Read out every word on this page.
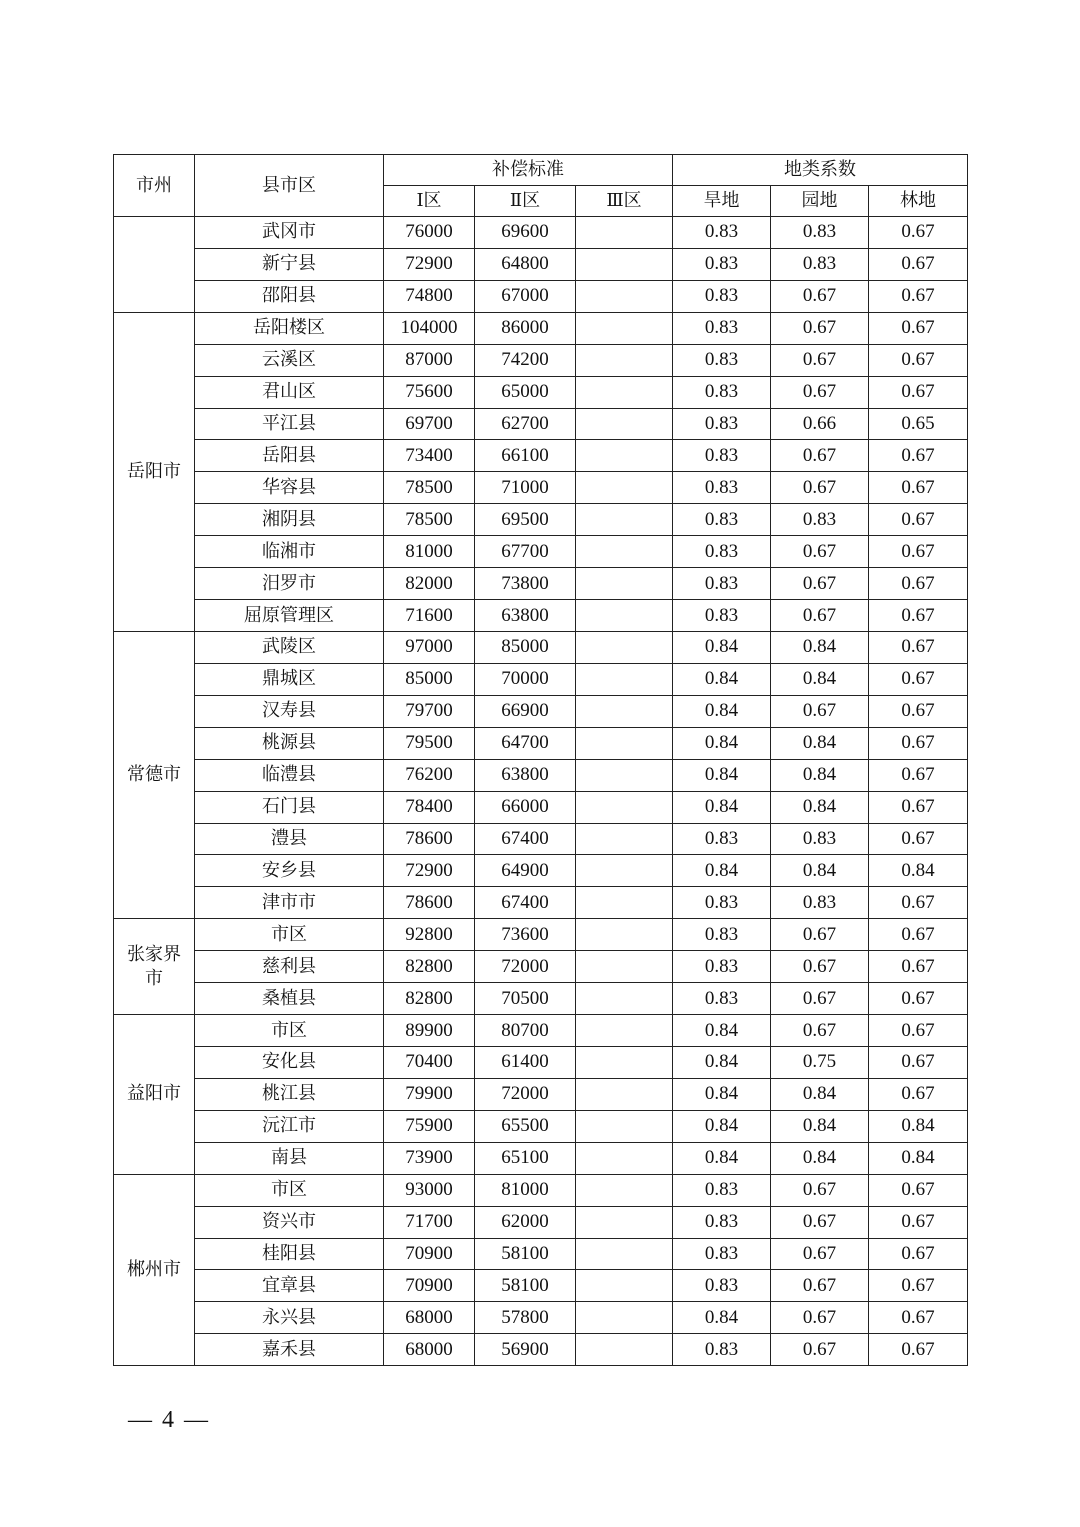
市州	县市区	补偿标准			地类系数		
		Ⅰ区	Ⅱ区	Ⅲ区	旱地	园地	林地
	武冈市	76000	69600		0.83	0.83	0.67
	新宁县	72900	64800		0.83	0.83	0.67
	邵阳县	74800	67000		0.83	0.67	0.67
岳阳市	岳阳楼区	104000	86000		0.83	0.67	0.67
	云溪区	87000	74200		0.83	0.67	0.67
	君山区	75600	65000		0.83	0.67	0.67
	平江县	69700	62700		0.83	0.66	0.65
	岳阳县	73400	66100		0.83	0.67	0.67
	华容县	78500	71000		0.83	0.67	0.67
	湘阴县	78500	69500		0.83	0.83	0.67
	临湘市	81000	67700		0.83	0.67	0.67
	汨罗市	82000	73800		0.83	0.67	0.67
	屈原管理区	71600	63800		0.83	0.67	0.67
常德市	武陵区	97000	85000		0.84	0.84	0.67
	鼎城区	85000	70000		0.84	0.84	0.67
	汉寿县	79700	66900		0.84	0.67	0.67
	桃源县	79500	64700		0.84	0.84	0.67
	临澧县	76200	63800		0.84	0.84	0.67
	石门县	78400	66000		0.84	0.84	0.67
	澧县	78600	67400		0.83	0.83	0.67
	安乡县	72900	64900		0.84	0.84	0.84
	津市市	78600	67400		0.83	0.83	0.67
张家界市	市区	92800	73600		0.83	0.67	0.67
	慈利县	82800	72000		0.83	0.67	0.67
	桑植县	82800	70500		0.83	0.67	0.67
益阳市	市区	89900	80700		0.84	0.67	0.67
	安化县	70400	61400		0.84	0.75	0.67
	桃江县	79900	72000		0.84	0.84	0.67
	沅江市	75900	65500		0.84	0.84	0.84
	南县	73900	65100		0.84	0.84	0.84
郴州市	市区	93000	81000		0.83	0.67	0.67
	资兴市	71700	62000		0.83	0.67	0.67
	桂阳县	70900	58100		0.83	0.67	0.67
	宜章县	70900	58100		0.83	0.67	0.67
	永兴县	68000	57800		0.84	0.67	0.67
	嘉禾县	68000	56900		0.83	0.67	0.67
— 4 —
